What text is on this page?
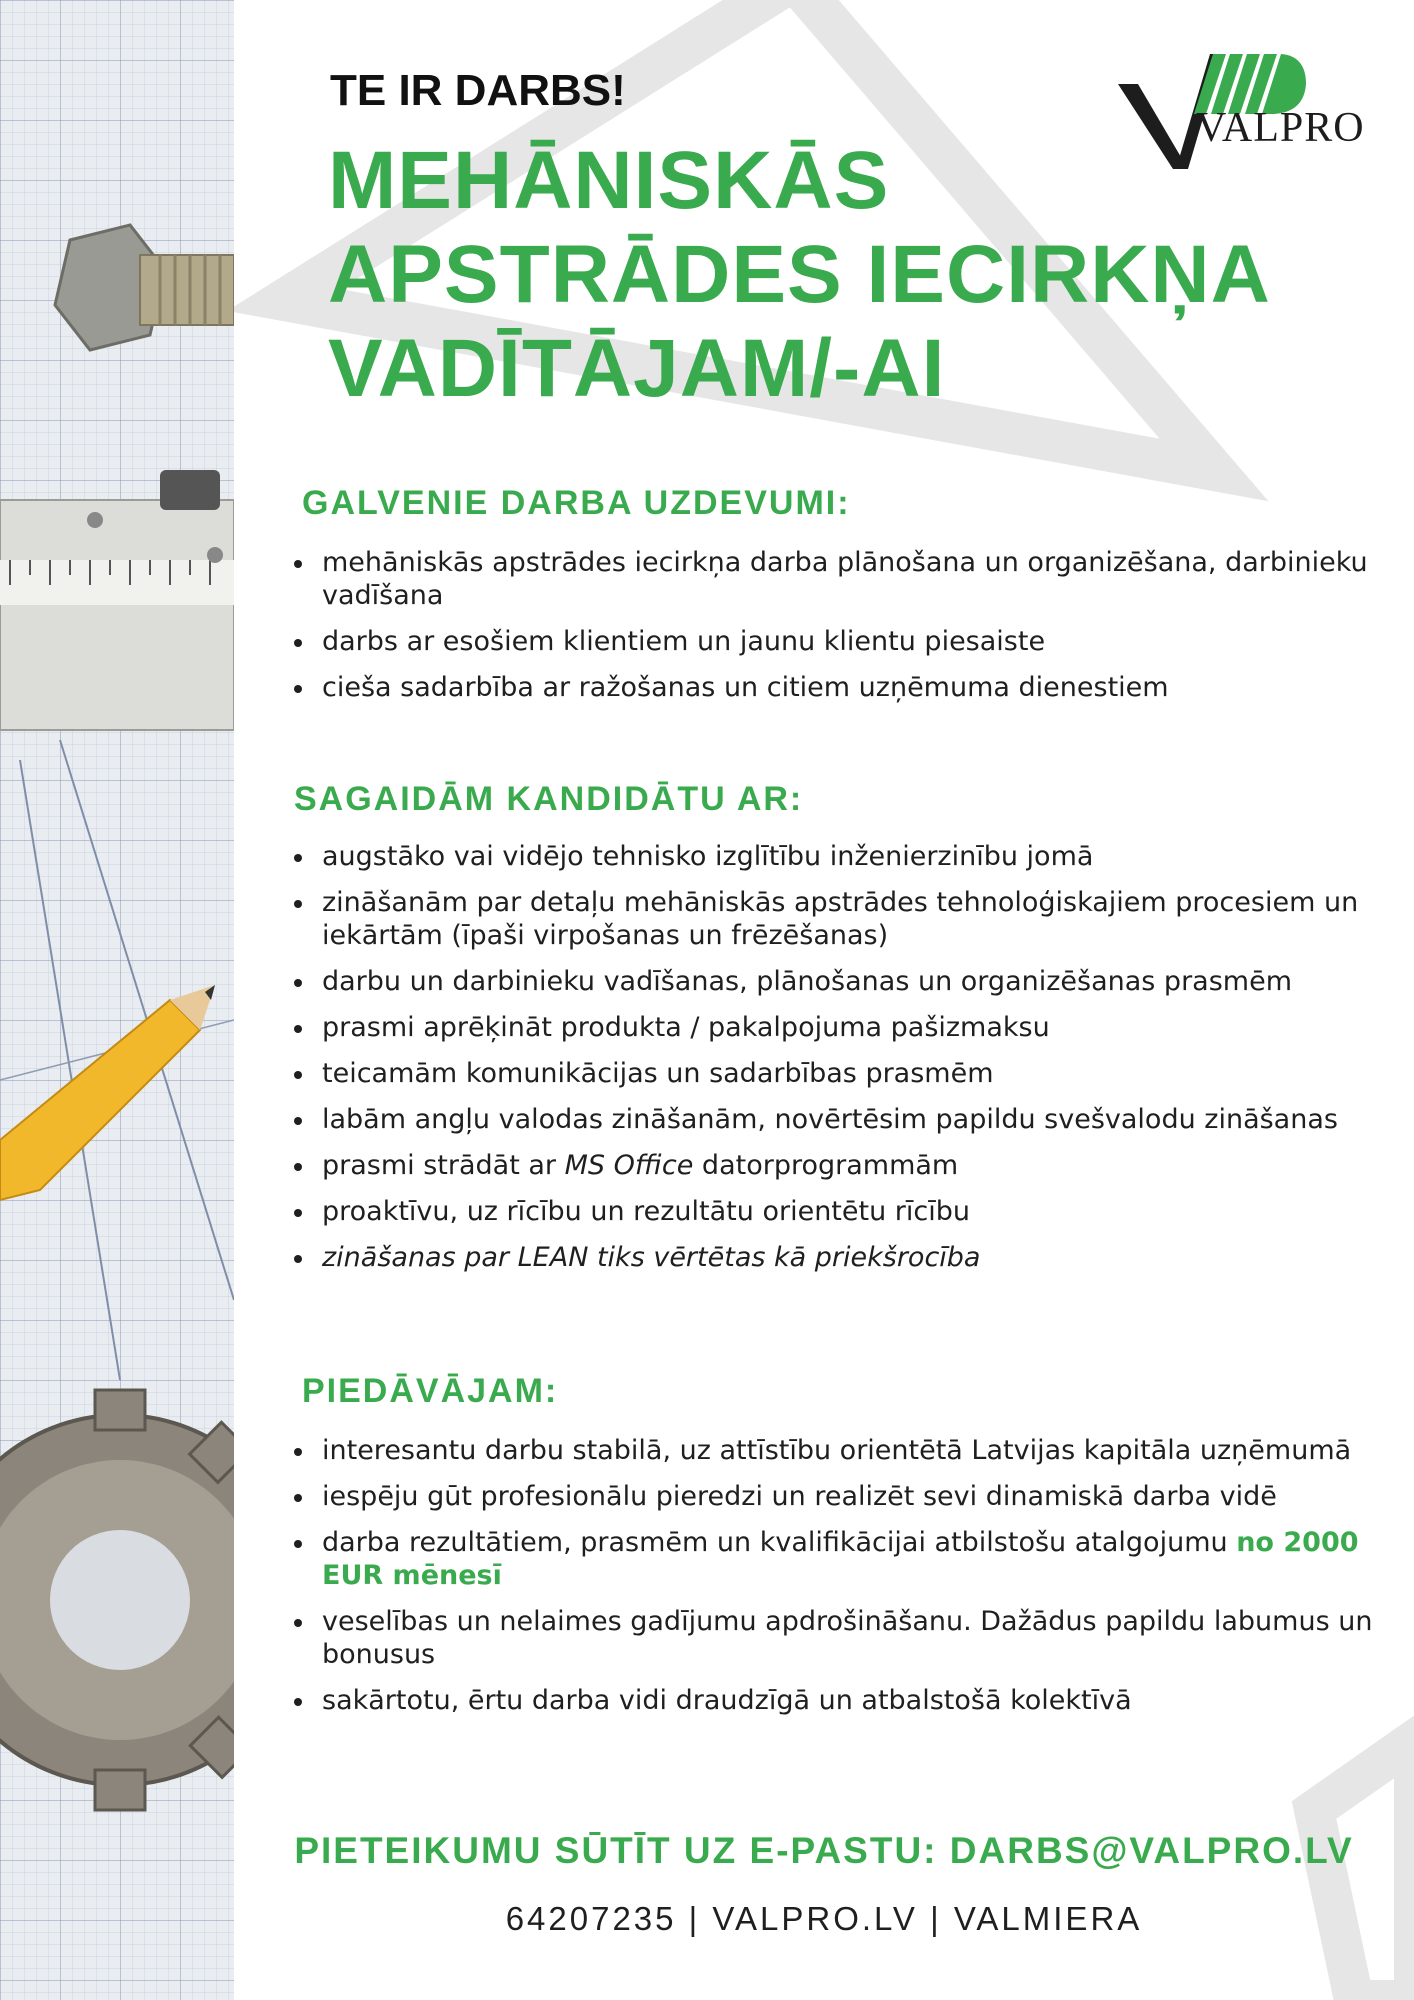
TE IR DARBS!
MEHĀNISKĀS
APSTRĀDES IECIRKŅA
VADĪTĀJAM/-AI
VALPRO
GALVENIE DARBA UZDEVUMI:
mehāniskās apstrādes iecirkņa darba plānošana un organizēšana, darbinieku vadīšana
darbs ar esošiem klientiem un jaunu klientu piesaiste
cieša sadarbība ar ražošanas un citiem uzņēmuma dienestiem
SAGAIDĀM KANDIDĀTU AR:
augstāko vai vidējo tehnisko izglītību inženierzinību jomā
zināšanām par detaļu mehāniskās apstrādes tehnoloģiskajiem procesiem un iekārtām (īpaši virpošanas un frēzēšanas)
darbu un darbinieku vadīšanas, plānošanas un organizēšanas prasmēm
prasmi aprēķināt produkta / pakalpojuma pašizmaksu
teicamām komunikācijas un sadarbības prasmēm
labām angļu valodas zināšanām, novērtēsim papildu svešvalodu zināšanas
prasmi strādāt ar MS Office datorprogrammām
proaktīvu, uz rīcību un rezultātu orientētu rīcību
zināšanas par LEAN tiks vērtētas kā priekšrocība
PIEDĀVĀJAM:
interesantu darbu stabilā, uz attīstību orientētā Latvijas kapitāla uzņēmumā
iespēju gūt profesionālu pieredzi un realizēt sevi dinamiskā darba vidē
darba rezultātiem, prasmēm un kvalifikācijai atbilstošu atalgojumu no 2000 EUR mēnesī
veselības un nelaimes gadījumu apdrošināšanu. Dažādus papildu labumus un bonusus
sakārtotu, ērtu darba vidi draudzīgā un atbalstošā kolektīvā
PIETEIKUMU SŪTĪT UZ E-PASTU: DARBS@VALPRO.LV
64207235 | VALPRO.LV | VALMIERA
